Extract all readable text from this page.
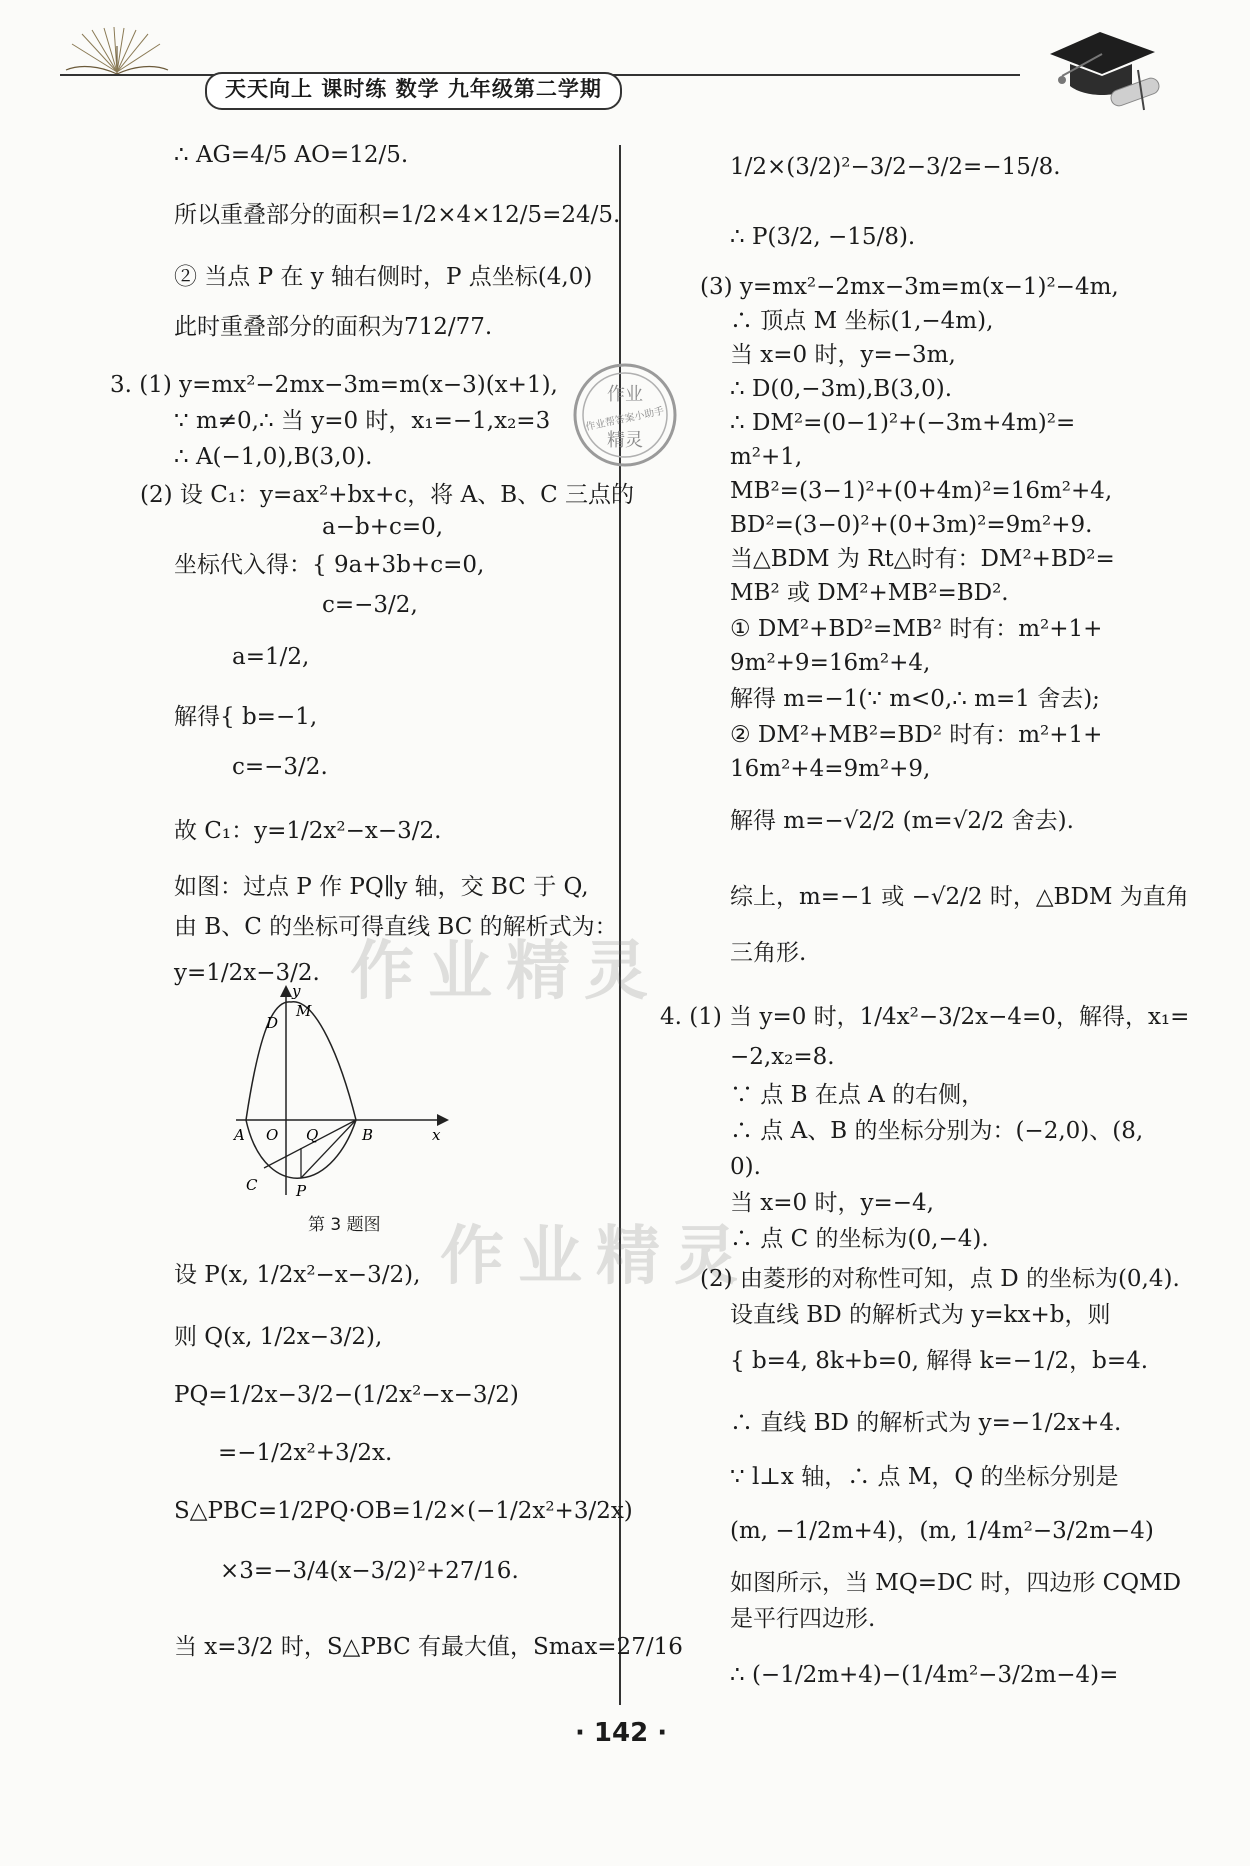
天天向上 课时练 数学 九年级第二学期
作业精灵
作业精灵
作业
作业帮答案小助手
精灵
∴ AG=4/5 AO=12/5.
所以重叠部分的面积=1/2×4×12/5=24/5.
② 当点 P 在 y 轴右侧时，P 点坐标(4,0)
此时重叠部分的面积为712/77.
3. (1) y=mx²−2mx−3m=m(x−3)(x+1),
∵ m≠0,∴ 当 y=0 时，x₁=−1,x₂=3
∴ A(−1,0),B(3,0).
(2) 设 C₁：y=ax²+bx+c，将 A、B、C 三点的
a−b+c=0,
坐标代入得：{ 9a+3b+c=0,
c=−3/2,
a=1/2,
解得{ b=−1,
c=−3/2.
故 C₁：y=1/2x²−x−3/2.
如图：过点 P 作 PQ∥y 轴，交 BC 于 Q,
由 B、C 的坐标可得直线 BC 的解析式为：
y=1/2x−3/2.
设 P(x, 1/2x²−x−3/2),
则 Q(x, 1/2x−3/2),
PQ=1/2x−3/2−(1/2x²−x−3/2)
=−1/2x²+3/2x.
S△PBC=1/2PQ·OB=1/2×(−1/2x²+3/2x)
×3=−3/4(x−3/2)²+27/16.
当 x=3/2 时，S△PBC 有最大值，Smax=27/16
y
M
D
A O Q	B	x
C	P
第 3 题图
1/2×(3/2)²−3/2−3/2=−15/8.
∴ P(3/2, −15/8).
(3) y=mx²−2mx−3m=m(x−1)²−4m,
∴ 顶点 M 坐标(1,−4m),
当 x=0 时，y=−3m,
∴ D(0,−3m),B(3,0).
∴ DM²=(0−1)²+(−3m+4m)²=
m²+1,
MB²=(3−1)²+(0+4m)²=16m²+4,
BD²=(3−0)²+(0+3m)²=9m²+9.
当△BDM 为 Rt△时有：DM²+BD²=
MB² 或 DM²+MB²=BD².
① DM²+BD²=MB² 时有：m²+1+
9m²+9=16m²+4,
解得 m=−1(∵ m<0,∴ m=1 舍去);
② DM²+MB²=BD² 时有：m²+1+
16m²+4=9m²+9,
解得 m=−√2/2 (m=√2/2 舍去).
综上，m=−1 或 −√2/2 时，△BDM 为直角
三角形.
4. (1) 当 y=0 时，1/4x²−3/2x−4=0，解得，x₁=
−2,x₂=8.
∵ 点 B 在点 A 的右侧，
∴ 点 A、B 的坐标分别为：(−2,0)、(8,
0).
当 x=0 时，y=−4,
∴ 点 C 的坐标为(0,−4).
(2) 由菱形的对称性可知，点 D 的坐标为(0,4).
设直线 BD 的解析式为 y=kx+b，则
{ b=4, 8k+b=0, 解得 k=−1/2，b=4.
∴ 直线 BD 的解析式为 y=−1/2x+4.
∵ l⊥x 轴，∴ 点 M，Q 的坐标分别是
(m, −1/2m+4)，(m, 1/4m²−3/2m−4)
如图所示，当 MQ=DC 时，四边形 CQMD
是平行四边形.
∴ (−1/2m+4)−(1/4m²−3/2m−4)=
· 142 ·
